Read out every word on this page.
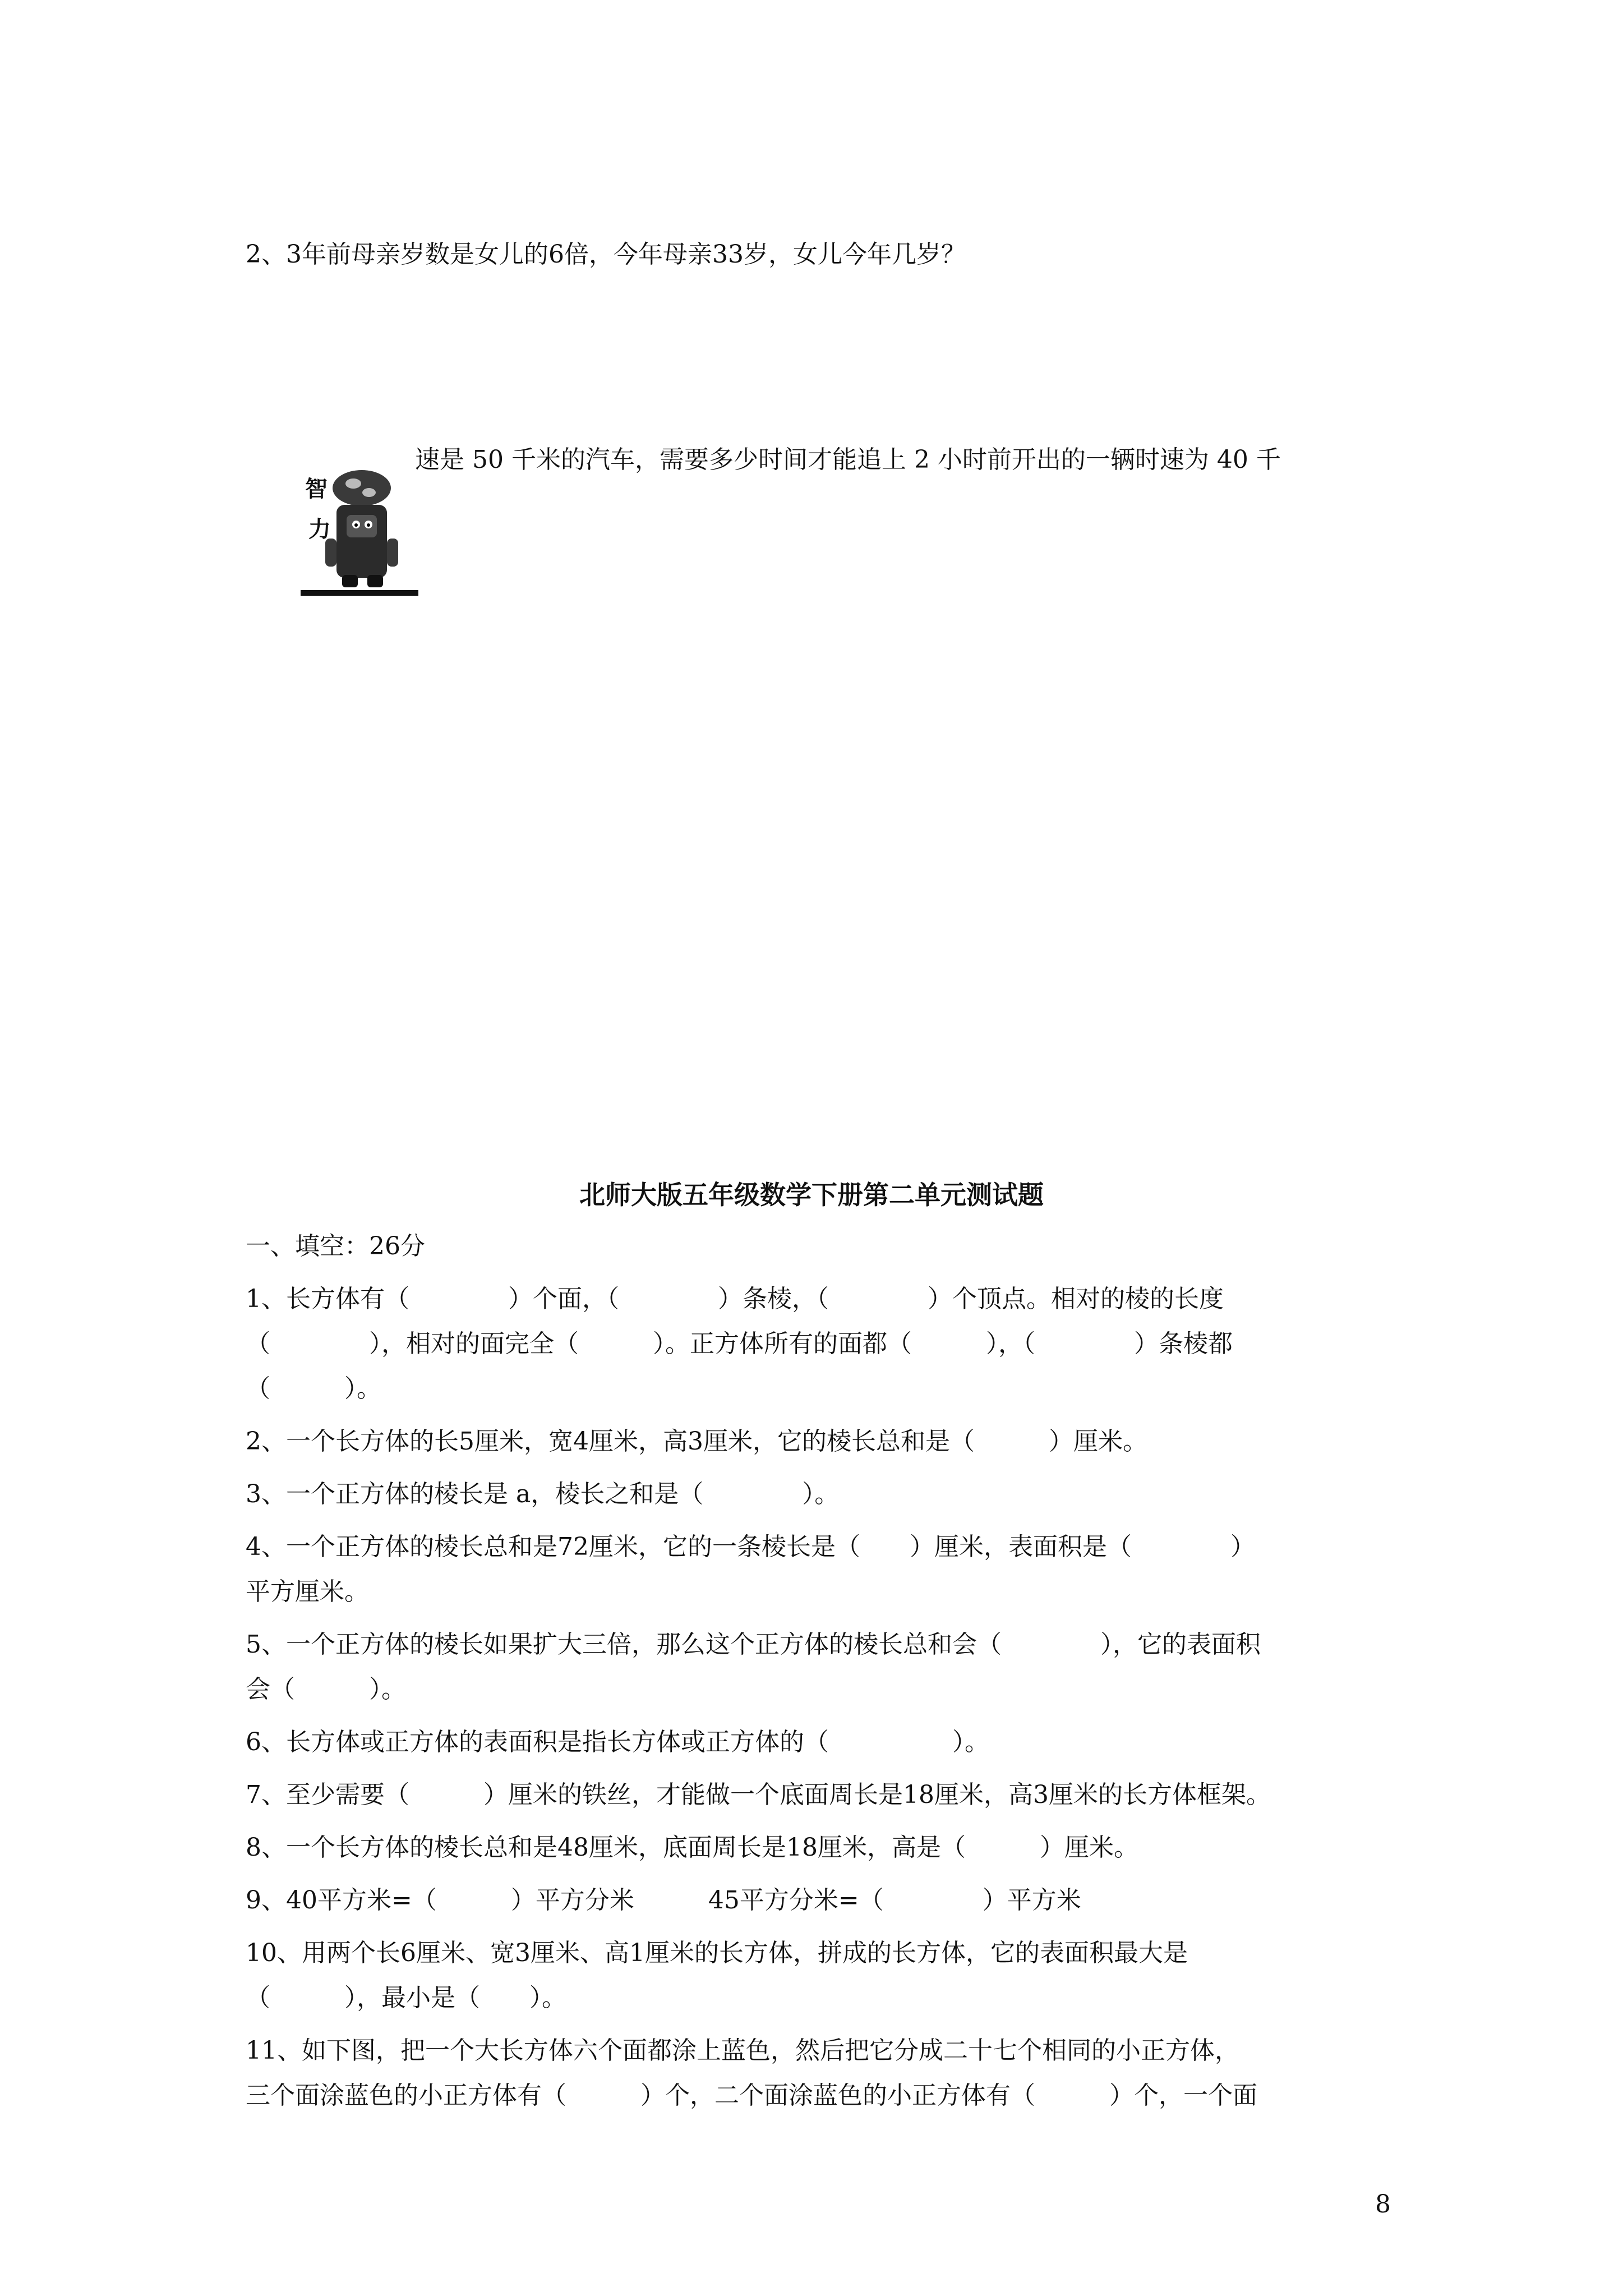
2、3年前母亲岁数是女儿的6倍，今年母亲33岁，女儿今年几岁？
智
力
速是 50 千米的汽车，需要多少时间才能追上 2 小时前开出的一辆时速为 40 千
北师大版五年级数学下册第二单元测试题
一、填空：26分
1、长方体有（　　　　）个面，（　　　　）条棱，（　　　　）个顶点。相对的棱的长度
（　　　　），相对的面完全（　　　）。正方体所有的面都（　　　），（　　　　）条棱都
（　　　）。
2、一个长方体的长5厘米，宽4厘米，高3厘米，它的棱长总和是（　　　）厘米。
3、一个正方体的棱长是 a，棱长之和是（　　　　）。
4、一个正方体的棱长总和是72厘米，它的一条棱长是（　　）厘米，表面积是（　　　　）
平方厘米。
5、一个正方体的棱长如果扩大三倍，那么这个正方体的棱长总和会（　　　　），它的表面积
会（　　　）。
6、长方体或正方体的表面积是指长方体或正方体的（　　　　　）。
7、至少需要（　　　）厘米的铁丝，才能做一个底面周长是18厘米，高3厘米的长方体框架。
8、一个长方体的棱长总和是48厘米，底面周长是18厘米，高是（　　　）厘米。
9、40平方米=（　　　）平方分米　　　45平方分米=（　　　　）平方米
10、用两个长6厘米、宽3厘米、高1厘米的长方体，拼成的长方体，它的表面积最大是
（　　　），最小是（　　）。
11、如下图，把一个大长方体六个面都涂上蓝色，然后把它分成二十七个相同的小正方体，
三个面涂蓝色的小正方体有（　　　）个，二个面涂蓝色的小正方体有（　　　）个，一个面
8
